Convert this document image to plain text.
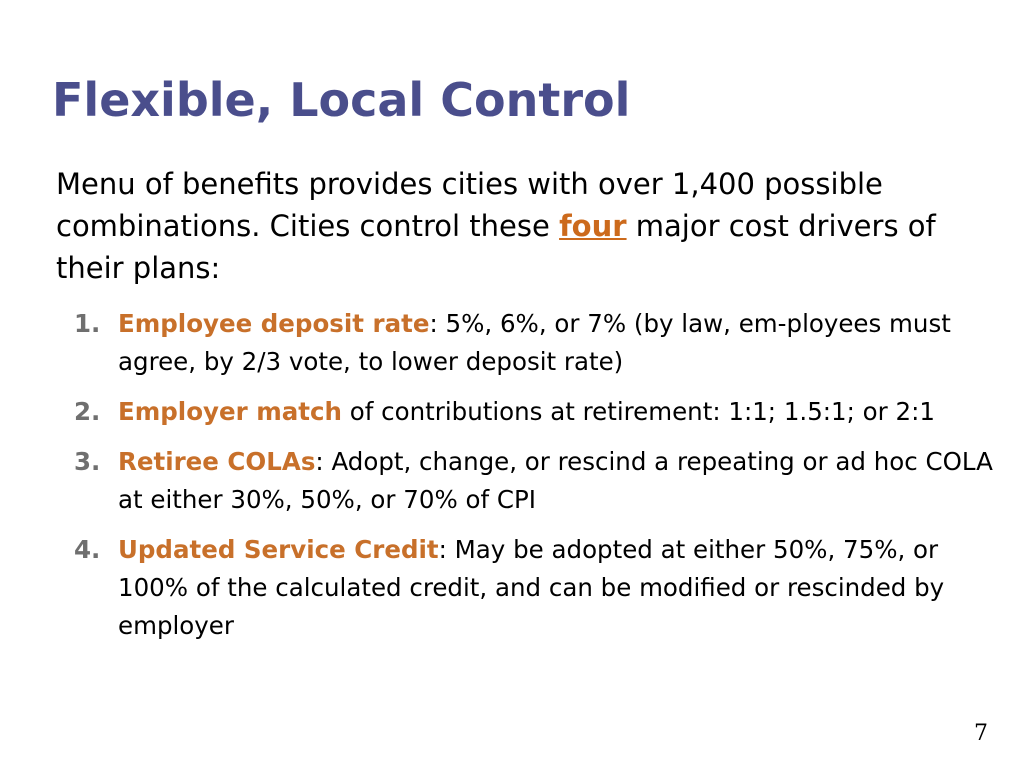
Flexible, Local Control

Menu of benefits provides cities with over 1,400 possible combinations. Cities control these four major cost drivers of their plans:

1. Employee deposit rate: 5%, 6%, or 7% (by law, em-ployees must agree, by 2/3 vote, to lower deposit rate)
2. Employer match of contributions at retirement: 1:1; 1.5:1; or 2:1
3. Retiree COLAs: Adopt, change, or rescind a repeating or ad hoc COLA at either 30%, 50%, or 70% of CPI
4. Updated Service Credit: May be adopted at either 50%, 75%, or 100% of the calculated credit, and can be modified or rescinded by employer
7
